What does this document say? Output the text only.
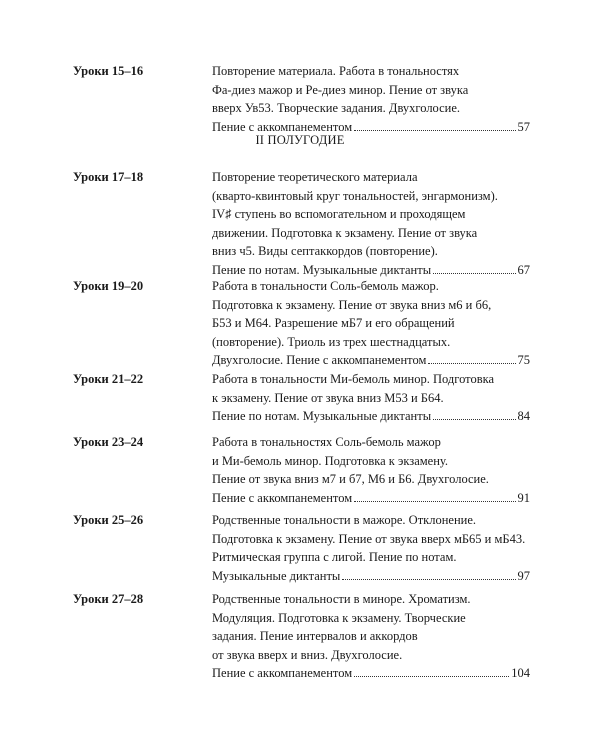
Уроки 15–16	Повторение материала. Работа в тональностях
Фа-диез мажор и Ре-диез минор. Пение от звука
вверх Ув53. Творческие задания. Двухголосие.
Пение с аккомпанементом	57
II ПОЛУГОДИЕ
Уроки 17–18	Повторение теоретического материала
(кварто-квинтовый круг тональностей, энгармонизм).
IV♯ ступень во вспомогательном и проходящем
движении. Подготовка к экзамену. Пение от звука
вниз ч5. Виды септаккордов (повторение).
Пение по нотам. Музыкальные диктанты	67
Уроки 19–20	Работа в тональности Соль-бемоль мажор.
Подготовка к экзамену. Пение от звука вниз м6 и б6,
Б53 и М64. Разрешение мБ7 и его обращений
(повторение). Триоль из трех шестнадцатых.
Двухголосие. Пение с аккомпанементом	75
Уроки 21–22	Работа в тональности Ми-бемоль минор. Подготовка
к экзамену. Пение от звука вниз М53 и Б64.
Пение по нотам. Музыкальные диктанты	84
Уроки 23–24	Работа в тональностях Соль-бемоль мажор
и Ми-бемоль минор. Подготовка к экзамену.
Пение от звука вниз м7 и б7, М6 и Б6. Двухголосие.
Пение с аккомпанементом	91
Уроки 25–26	Родственные тональности в мажоре. Отклонение.
Подготовка к экзамену. Пение от звука вверх мБ65 и мБ43.
Ритмическая группа с лигой. Пение по нотам.
Музыкальные диктанты	97
Уроки 27–28	Родственные тональности в миноре. Хроматизм.
Модуляция. Подготовка к экзамену. Творческие
задания. Пение интервалов и аккордов
от звука вверх и вниз. Двухголосие.
Пение с аккомпанементом	104
